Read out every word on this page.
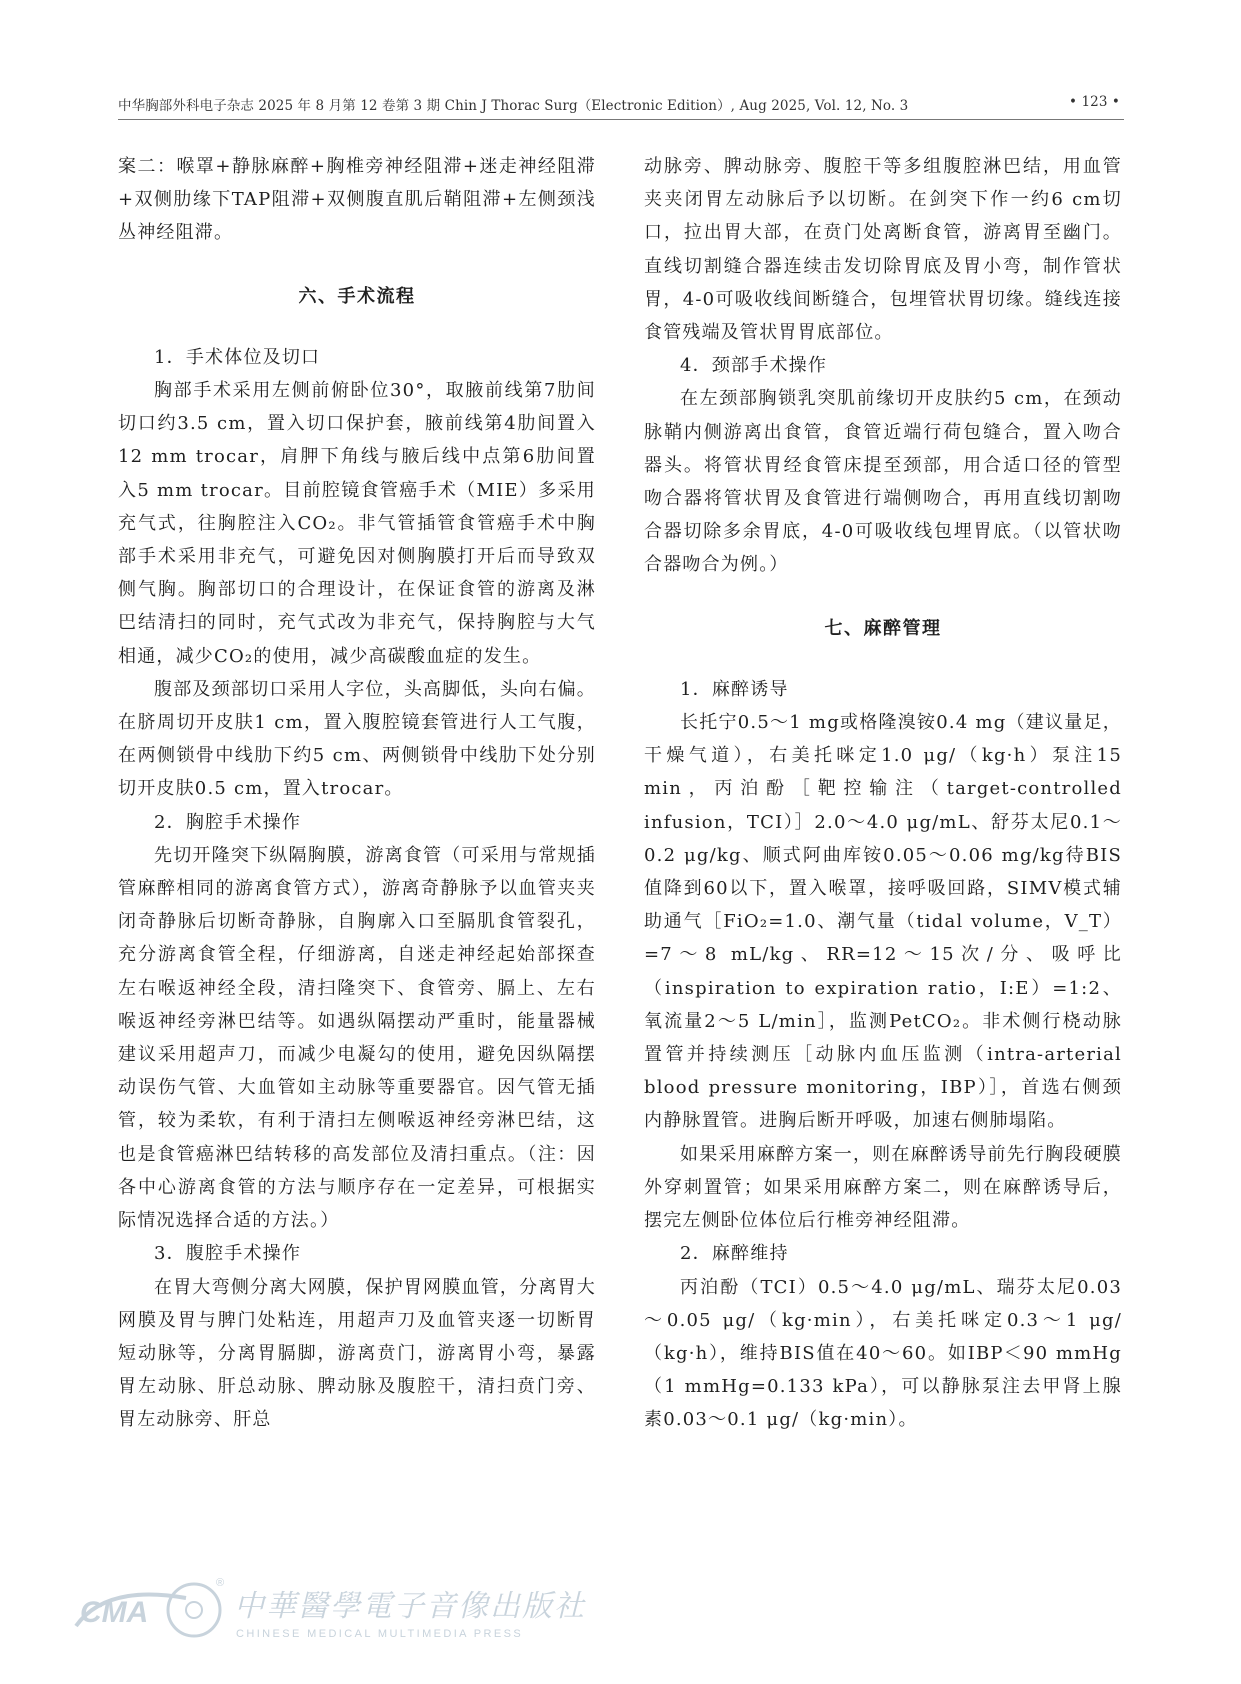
中华胸部外科电子杂志 2025 年 8 月第 12 卷第 3 期 Chin J Thorac Surg（Electronic Edition）, Aug 2025, Vol. 12, No. 3	• 123 •

案二：喉罩+静脉麻醉+胸椎旁神经阻滞+迷走神经阻滞+双侧肋缘下TAP阻滞+双侧腹直肌后鞘阻滞+左侧颈浅丛神经阻滞。

六、手术流程

1．手术体位及切口

胸部手术采用左侧前俯卧位30°，取腋前线第7肋间切口约3.5 cm，置入切口保护套，腋前线第4肋间置入12 mm trocar，肩胛下角线与腋后线中点第6肋间置入5 mm trocar。目前腔镜食管癌手术（MIE）多采用充气式，往胸腔注入CO₂。非气管插管食管癌手术中胸部手术采用非充气，可避免因对侧胸膜打开后而导致双侧气胸。胸部切口的合理设计，在保证食管的游离及淋巴结清扫的同时，充气式改为非充气，保持胸腔与大气相通，减少CO₂的使用，减少高碳酸血症的发生。

腹部及颈部切口采用人字位，头高脚低，头向右偏。在脐周切开皮肤1 cm，置入腹腔镜套管进行人工气腹，在两侧锁骨中线肋下约5 cm、两侧锁骨中线肋下处分别切开皮肤0.5 cm，置入trocar。

2．胸腔手术操作

先切开隆突下纵隔胸膜，游离食管（可采用与常规插管麻醉相同的游离食管方式），游离奇静脉予以血管夹夹闭奇静脉后切断奇静脉，自胸廓入口至膈肌食管裂孔，充分游离食管全程，仔细游离，自迷走神经起始部探查左右喉返神经全段，清扫隆突下、食管旁、膈上、左右喉返神经旁淋巴结等。如遇纵隔摆动严重时，能量器械建议采用超声刀，而减少电凝勾的使用，避免因纵隔摆动误伤气管、大血管如主动脉等重要器官。因气管无插管，较为柔软，有利于清扫左侧喉返神经旁淋巴结，这也是食管癌淋巴结转移的高发部位及清扫重点。（注：因各中心游离食管的方法与顺序存在一定差异，可根据实际情况选择合适的方法。）

3．腹腔手术操作

在胃大弯侧分离大网膜，保护胃网膜血管，分离胃大网膜及胃与脾门处粘连，用超声刀及血管夹逐一切断胃短动脉等，分离胃膈脚，游离贲门，游离胃小弯，暴露胃左动脉、肝总动脉、脾动脉及腹腔干，清扫贲门旁、胃左动脉旁、肝总

动脉旁、脾动脉旁、腹腔干等多组腹腔淋巴结，用血管夹夹闭胃左动脉后予以切断。在剑突下作一约6 cm切口，拉出胃大部，在贲门处离断食管，游离胃至幽门。直线切割缝合器连续击发切除胃底及胃小弯，制作管状胃，4-0可吸收线间断缝合，包埋管状胃切缘。缝线连接食管残端及管状胃胃底部位。

4．颈部手术操作

在左颈部胸锁乳突肌前缘切开皮肤约5 cm，在颈动脉鞘内侧游离出食管，食管近端行荷包缝合，置入吻合器头。将管状胃经食管床提至颈部，用合适口径的管型吻合器将管状胃及食管进行端侧吻合，再用直线切割吻合器切除多余胃底，4-0可吸收线包埋胃底。（以管状吻合器吻合为例。）

七、麻醉管理

1．麻醉诱导

长托宁0.5～1 mg或格隆溴铵0.4 mg（建议量足，干燥气道），右美托咪定1.0 μg/（kg·h）泵注15 min，丙泊酚［靶控输注（target-controlled infusion，TCI）］2.0～4.0 μg/mL、舒芬太尼0.1～0.2 μg/kg、顺式阿曲库铵0.05～0.06 mg/kg待BIS值降到60以下，置入喉罩，接呼吸回路，SIMV模式辅助通气［FiO₂=1.0、潮气量（tidal volume，V_T）=7～8 mL/kg、RR=12～15次/分、吸呼比（inspiration to expiration ratio，I:E）=1:2、氧流量2～5 L/min］，监测PetCO₂。非术侧行桡动脉置管并持续测压［动脉内血压监测（intra-arterial blood pressure monitoring，IBP）］，首选右侧颈内静脉置管。进胸后断开呼吸，加速右侧肺塌陷。

如果采用麻醉方案一，则在麻醉诱导前先行胸段硬膜外穿刺置管；如果采用麻醉方案二，则在麻醉诱导后，摆完左侧卧位体位后行椎旁神经阻滞。

2．麻醉维持

丙泊酚（TCI）0.5～4.0 μg/mL、瑞芬太尼0.03～0.05 μg/（kg·min），右美托咪定0.3～1 μg/（kg·h），维持BIS值在40～60。如IBP＜90 mmHg（1 mmHg=0.133 kPa），可以静脉泵注去甲肾上腺素0.03～0.1 μg/（kg·min）。

CMA
®
中華醫學電子音像出版社
CHINESE MEDICAL MULTIMEDIA PRESS
